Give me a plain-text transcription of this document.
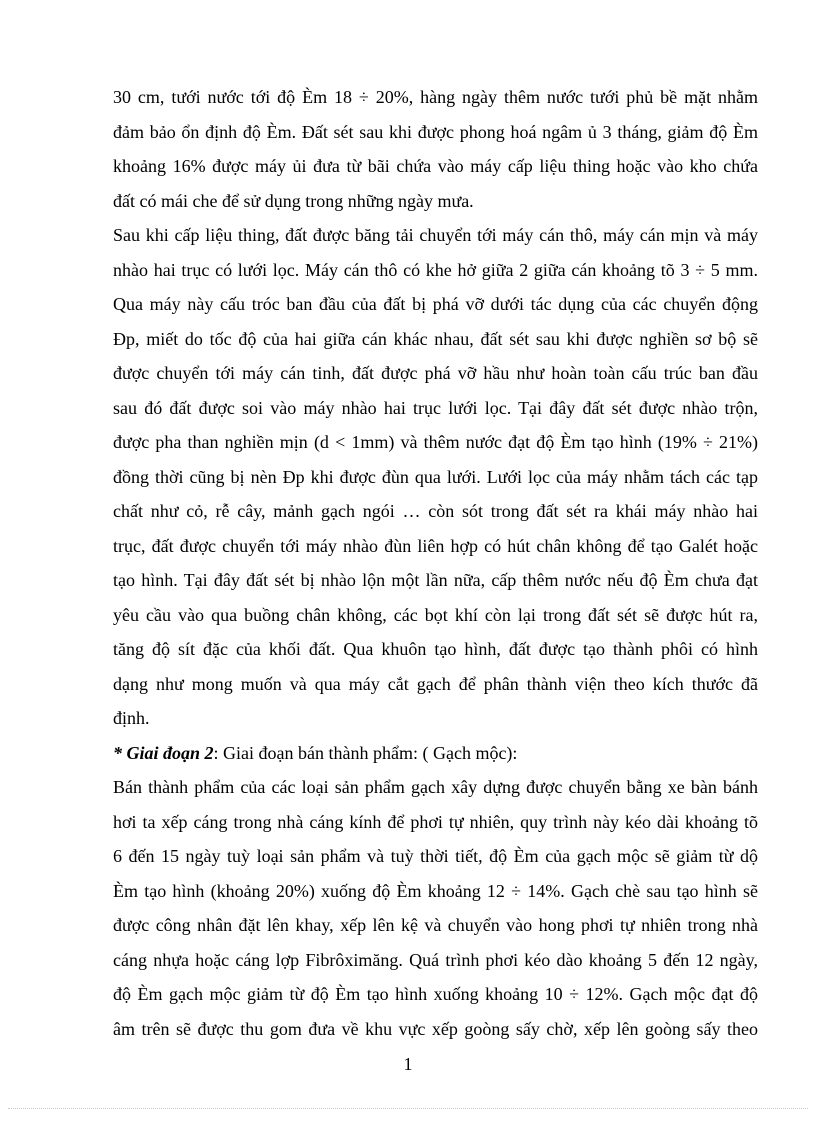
30 cm, tưới nước tới độ Èm 18 ÷ 20%, hàng ngày thêm nước tưới phủ bề mặt nhằm
đảm bảo ổn định độ Èm. Đất sét sau khi được phong hoá ngâm ủ 3 tháng, giảm độ Èm
khoảng 16% được máy ủi đưa từ bãi chứa vào máy cấp liệu thing hoặc vào kho chứa
đất có mái che để sử dụng trong những ngày mưa.
Sau khi cấp liệu thing, đất được băng tải chuyển tới máy cán thô, máy cán mịn và máy
nhào hai trục có lưới lọc. Máy cán thô có khe hở giữa 2 giữa cán khoảng tõ 3 ÷ 5 mm.
Qua máy này cấu tróc ban đầu của đất bị phá vỡ dưới tác dụng của các chuyển động
Đp, miết do tốc độ của hai giữa cán khác nhau, đất sét sau khi được nghiền sơ bộ sẽ
được chuyển tới máy cán tinh, đất được phá vỡ hầu như hoàn toàn cấu trúc ban đầu
sau đó đất được soi vào máy nhào hai trục lưới lọc. Tại đây đất sét được nhào trộn,
được pha than nghiền mịn (d < 1mm) và thêm nước đạt độ Èm tạo hình (19% ÷ 21%)
đồng thời cũng bị nèn Đp khi được đùn qua lưới. Lưới lọc của máy nhằm tách các tạp
chất như cỏ, rễ cây, mảnh gạch ngói … còn sót trong đất sét ra khái máy nhào hai
trục, đất được chuyển tới máy nhào đùn liên hợp có hút chân không để tạo Galét hoặc
tạo hình. Tại đây đất sét bị nhào lộn một lần nữa, cấp thêm nước nếu độ Èm chưa đạt
yêu cầu vào qua buồng chân không, các bọt khí còn lại trong đất sét sẽ được hút ra,
tăng độ sít đặc của khối đất. Qua khuôn tạo hình, đất được tạo thành phôi có hình
dạng như mong muốn và qua máy cắt gạch để phân thành viện theo kích thước đã
định.
* Giai đoạn 2: Giai đoạn bán thành phẩm: ( Gạch mộc):
Bán thành phẩm của các loại sản phẩm gạch xây dựng được chuyển bằng xe bàn bánh
hơi ta xếp cáng trong nhà cáng kính để phơi tự nhiên, quy trình này kéo dài khoảng tõ
6 đến 15 ngày tuỳ loại sản phẩm và tuỳ thời tiết, độ Èm của gạch mộc sẽ giảm từ dộ
Èm tạo hình (khoảng 20%) xuống độ Èm khoảng 12 ÷ 14%. Gạch chè sau tạo hình sẽ
được công nhân đặt lên khay, xếp lên kệ và chuyển vào hong phơi tự nhiên trong nhà
cáng nhựa hoặc cáng lợp Fibrôximăng. Quá trình phơi kéo dào khoảng 5 đến 12 ngày,
độ Èm gạch mộc giảm từ độ Èm tạo hình xuống khoảng 10 ÷ 12%. Gạch mộc đạt độ
âm trên sẽ được thu gom đưa về khu vực xếp goòng sấy chờ, xếp lên goòng sấy theo
1
